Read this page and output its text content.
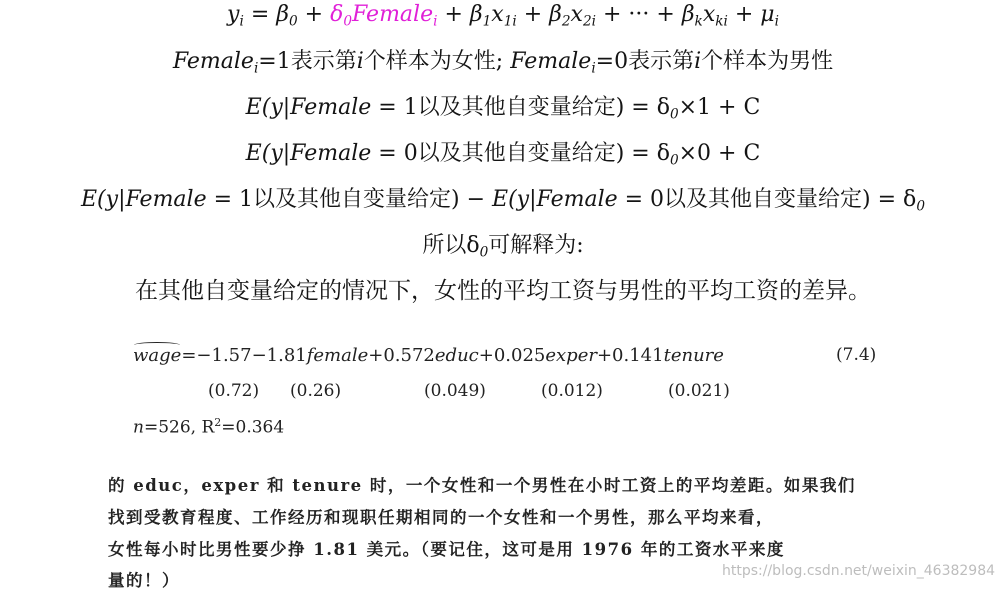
$y_i = \beta_0$ + $\delta_0Female_i + \beta_1x_{1i} + \beta_2x_{2i}$ + ··· + $\beta_kx_{ki} + \mu_i$
Female$_i$=1表示第i个样本为女性; Female$_i$=0表示第i个样本为男性
E(y|Female = 1以及其他自变量给定) = $\delta_0\times 1 + C$
E(y|Female = 0以及其他自变量给定) = $\delta_0\times 0 + C$
E(y|Female = 1以及其他自变量给定) − E(y|Female = 0以及其他自变量给定) = $\delta_0$
所以$\delta_0$可解释为:
在其他自变量给定的情况下，女性的平均工资与男性的平均工资的差异。
wage=−1.57−1.81female+0.572educ+0.025exper+0.141tenure	(7.4)
(0.72) (0.26)	(0.049)	(0.012)	(0.021)
n=526, $R^2=0.364$
的 educ，exper 和 tenure 时，一个女性和一个男性在小时工资上的平均差距。如果我们
找到受教育程度、工作经历和现职任期相同的一个女性和一个男性，那么平均来看，
女性每小时比男性要少挣 1.81 美元。（要记住，这可是用 1976 年的工资水平来度
量的！）	https://blog.csdn.net/weixin_46382984
